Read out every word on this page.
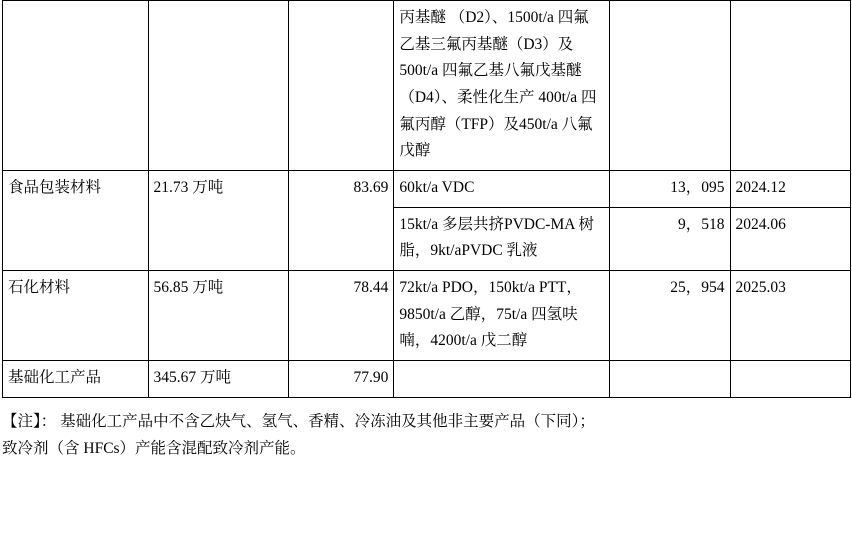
			丙基醚 （D2）、1500t/a 四氟乙基三氟丙基醚（D3）及500t/a 四氟乙基八氟戊基醚（D4）、柔性化生产 400t/a 四氟丙醇（TFP）及450t/a 八氟戊醇		
食品包装材料	21.73 万吨	83.69	60kt/a VDC	13，095	2024.12
			15kt/a 多层共挤PVDC-MA 树脂，9kt/aPVDC 乳液	9，518	2024.06
石化材料	56.85 万吨	78.44	72kt/a PDO，150kt/a PTT，9850t/a 乙醇，75t/a 四氢呋喃，4200t/a 戊二醇	25，954	2025.03
基础化工产品	345.67 万吨	77.90			
【注】： 基础化工产品中不含乙炔气、氢气、香精、冷冻油及其他非主要产品（下同）；
致冷剂（含 HFCs）产能含混配致冷剂产能。
